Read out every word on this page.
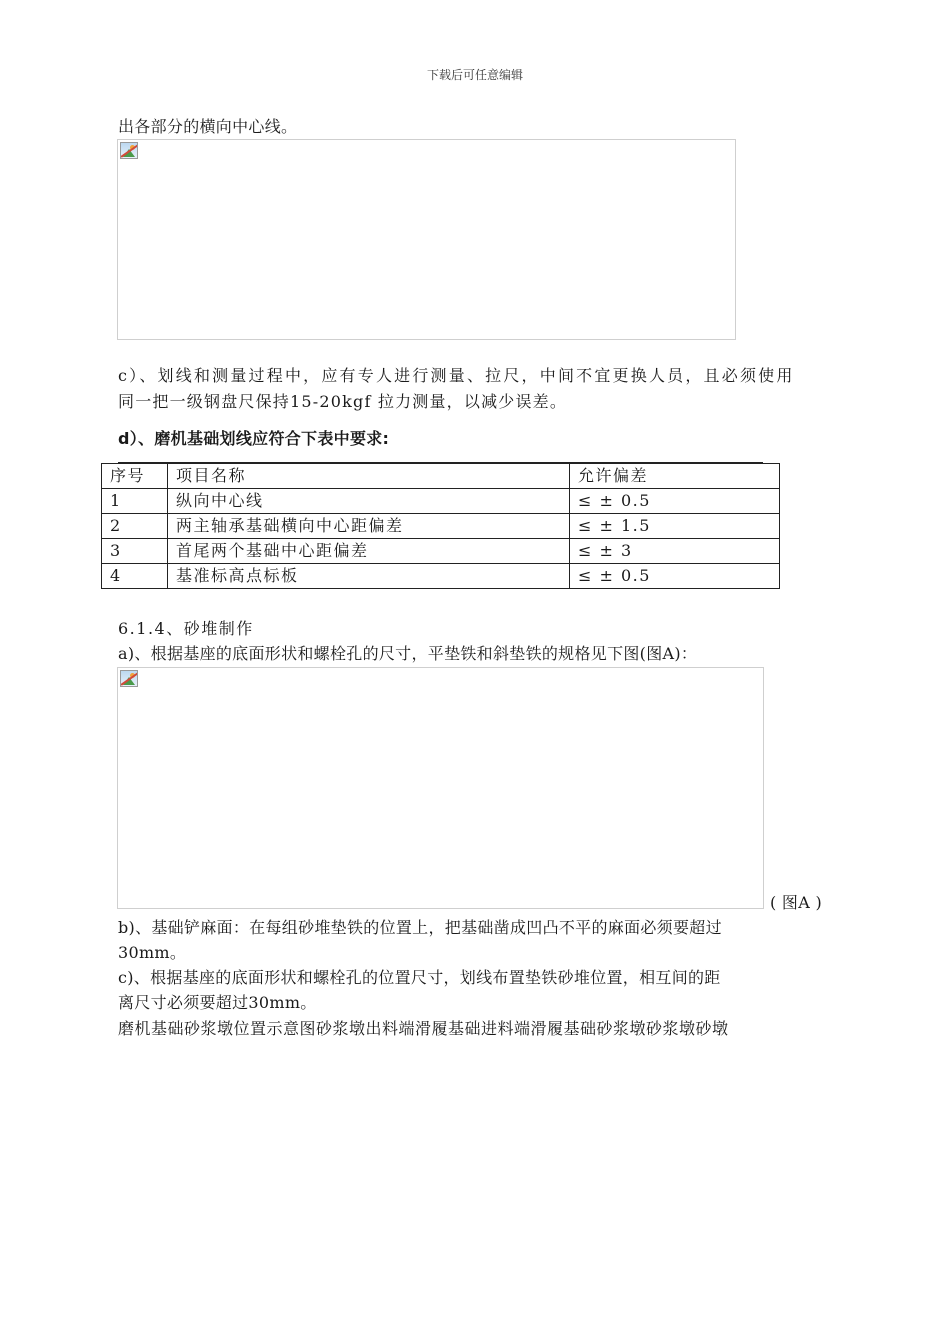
下载后可任意编辑
出各部分的横向中心线。
c）、划线和测量过程中，应有专人进行测量、拉尺，中间不宜更换人员，且必须使用
同一把一级钢盘尺保持15-20kgf 拉力测量，以减少误差。
d）、磨机基础划线应符合下表中要求:
序号	项目名称	允许偏差
1	纵向中心线	≤ ± 0.5
2	两主轴承基础横向中心距偏差	≤ ± 1.5
3	首尾两个基础中心距偏差	≤ ± 3
4	基准标高点标板	≤ ± 0.5
6.1.4、砂堆制作
a)、根据基座的底面形状和螺栓孔的尺寸，平垫铁和斜垫铁的规格见下图(图A)：
( 图A )
b)、基础铲麻面：在每组砂堆垫铁的位置上，把基础凿成凹凸不平的麻面必须要超过
30mm。
c)、根据基座的底面形状和螺栓孔的位置尺寸，划线布置垫铁砂堆位置，相互间的距
离尺寸必须要超过30mm。
磨机基础砂浆墩位置示意图砂浆墩出料端滑履基础进料端滑履基础砂浆墩砂浆墩砂墩
